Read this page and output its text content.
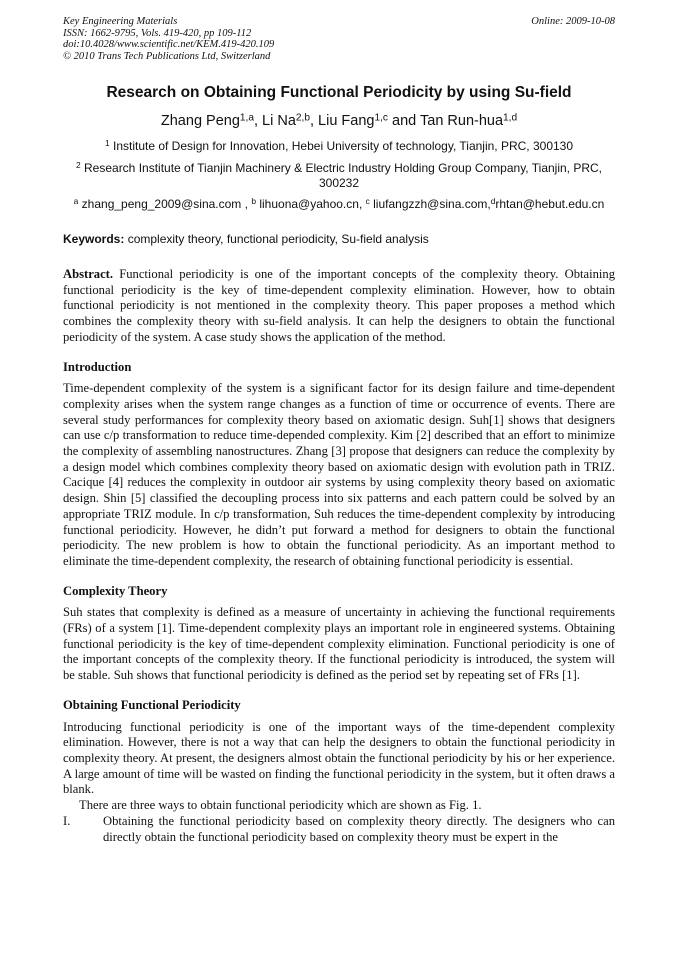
Key Engineering Materials
ISSN: 1662-9795, Vols. 419-420, pp 109-112
doi:10.4028/www.scientific.net/KEM.419-420.109
© 2010 Trans Tech Publications Ltd, Switzerland
Online: 2009-10-08
Research on Obtaining Functional Periodicity by using Su-field
Zhang Peng$^{1,a}$, Li Na$^{2,b}$, Liu Fang$^{1,c}$ and Tan Run-hua$^{1,d}$
$^1$ Institute of Design for Innovation, Hebei University of technology, Tianjin, PRC, 300130
$^2$ Research Institute of Tianjin Machinery & Electric Industry Holding Group Company, Tianjin, PRC, 300232
$^a$ zhang_peng_2009@sina.com , $^b$ lihuona@yahoo.cn, $^c$ liufangzzh@sina.com,$^d$rhtan@hebut.edu.cn
Keywords: complexity theory, functional periodicity, Su-field analysis

Abstract. Functional periodicity is one of the important concepts of the complexity theory. Obtaining functional periodicity is the key of time-dependent complexity elimination. However, how to obtain functional periodicity is not mentioned in the complexity theory. This paper proposes a method which combines the complexity theory with su-field analysis. It can help the designers to obtain the functional periodicity of the system. A case study shows the application of the method.

Introduction

Time-dependent complexity of the system is a significant factor for its design failure and time-dependent complexity arises when the system range changes as a function of time or occurrence of events. There are several study performances for complexity theory based on axiomatic design. Suh[1] shows that designers can use c/p transformation to reduce time-depended complexity. Kim [2] described that an effort to minimize the complexity of assembling nanostructures. Zhang [3] propose that designers can reduce the complexity by a design model which combines complexity theory based on axiomatic design with evolution path in TRIZ. Cacique [4] reduces the complexity in outdoor air systems by using complexity theory based on axiomatic design. Shin [5] classified the decoupling process into six patterns and each pattern could be solved by an appropriate TRIZ module. In c/p transformation, Suh reduces the time-dependent complexity by introducing functional periodicity. However, he didn’t put forward a method for designers to obtain the functional periodicity. The new problem is how to obtain the functional periodicity. As an important method to eliminate the time-dependent complexity, the research of obtaining functional periodicity is essential.

Complexity Theory

Suh states that complexity is defined as a measure of uncertainty in achieving the functional requirements (FRs) of a system [1]. Time-dependent complexity plays an important role in engineered systems. Obtaining functional periodicity is the key of time-dependent complexity elimination. Functional periodicity is one of the important concepts of the complexity theory. If the functional periodicity is introduced, the system will be stable. Suh shows that functional periodicity is defined as the period set by repeating set of FRs [1].

Obtaining Functional Periodicity

Introducing functional periodicity is one of the important ways of the time-dependent complexity elimination. However, there is not a way that can help the designers to obtain the functional periodicity in complexity theory. At present, the designers almost obtain the functional periodicity by his or her experience. A large amount of time will be wasted on finding the functional periodicity in the system, but it often draws a blank.

There are three ways to obtain functional periodicity which are shown as Fig. 1.

I.	Obtaining the functional periodicity based on complexity theory directly. The designers who can directly obtain the functional periodicity based on complexity theory must be expert in the
